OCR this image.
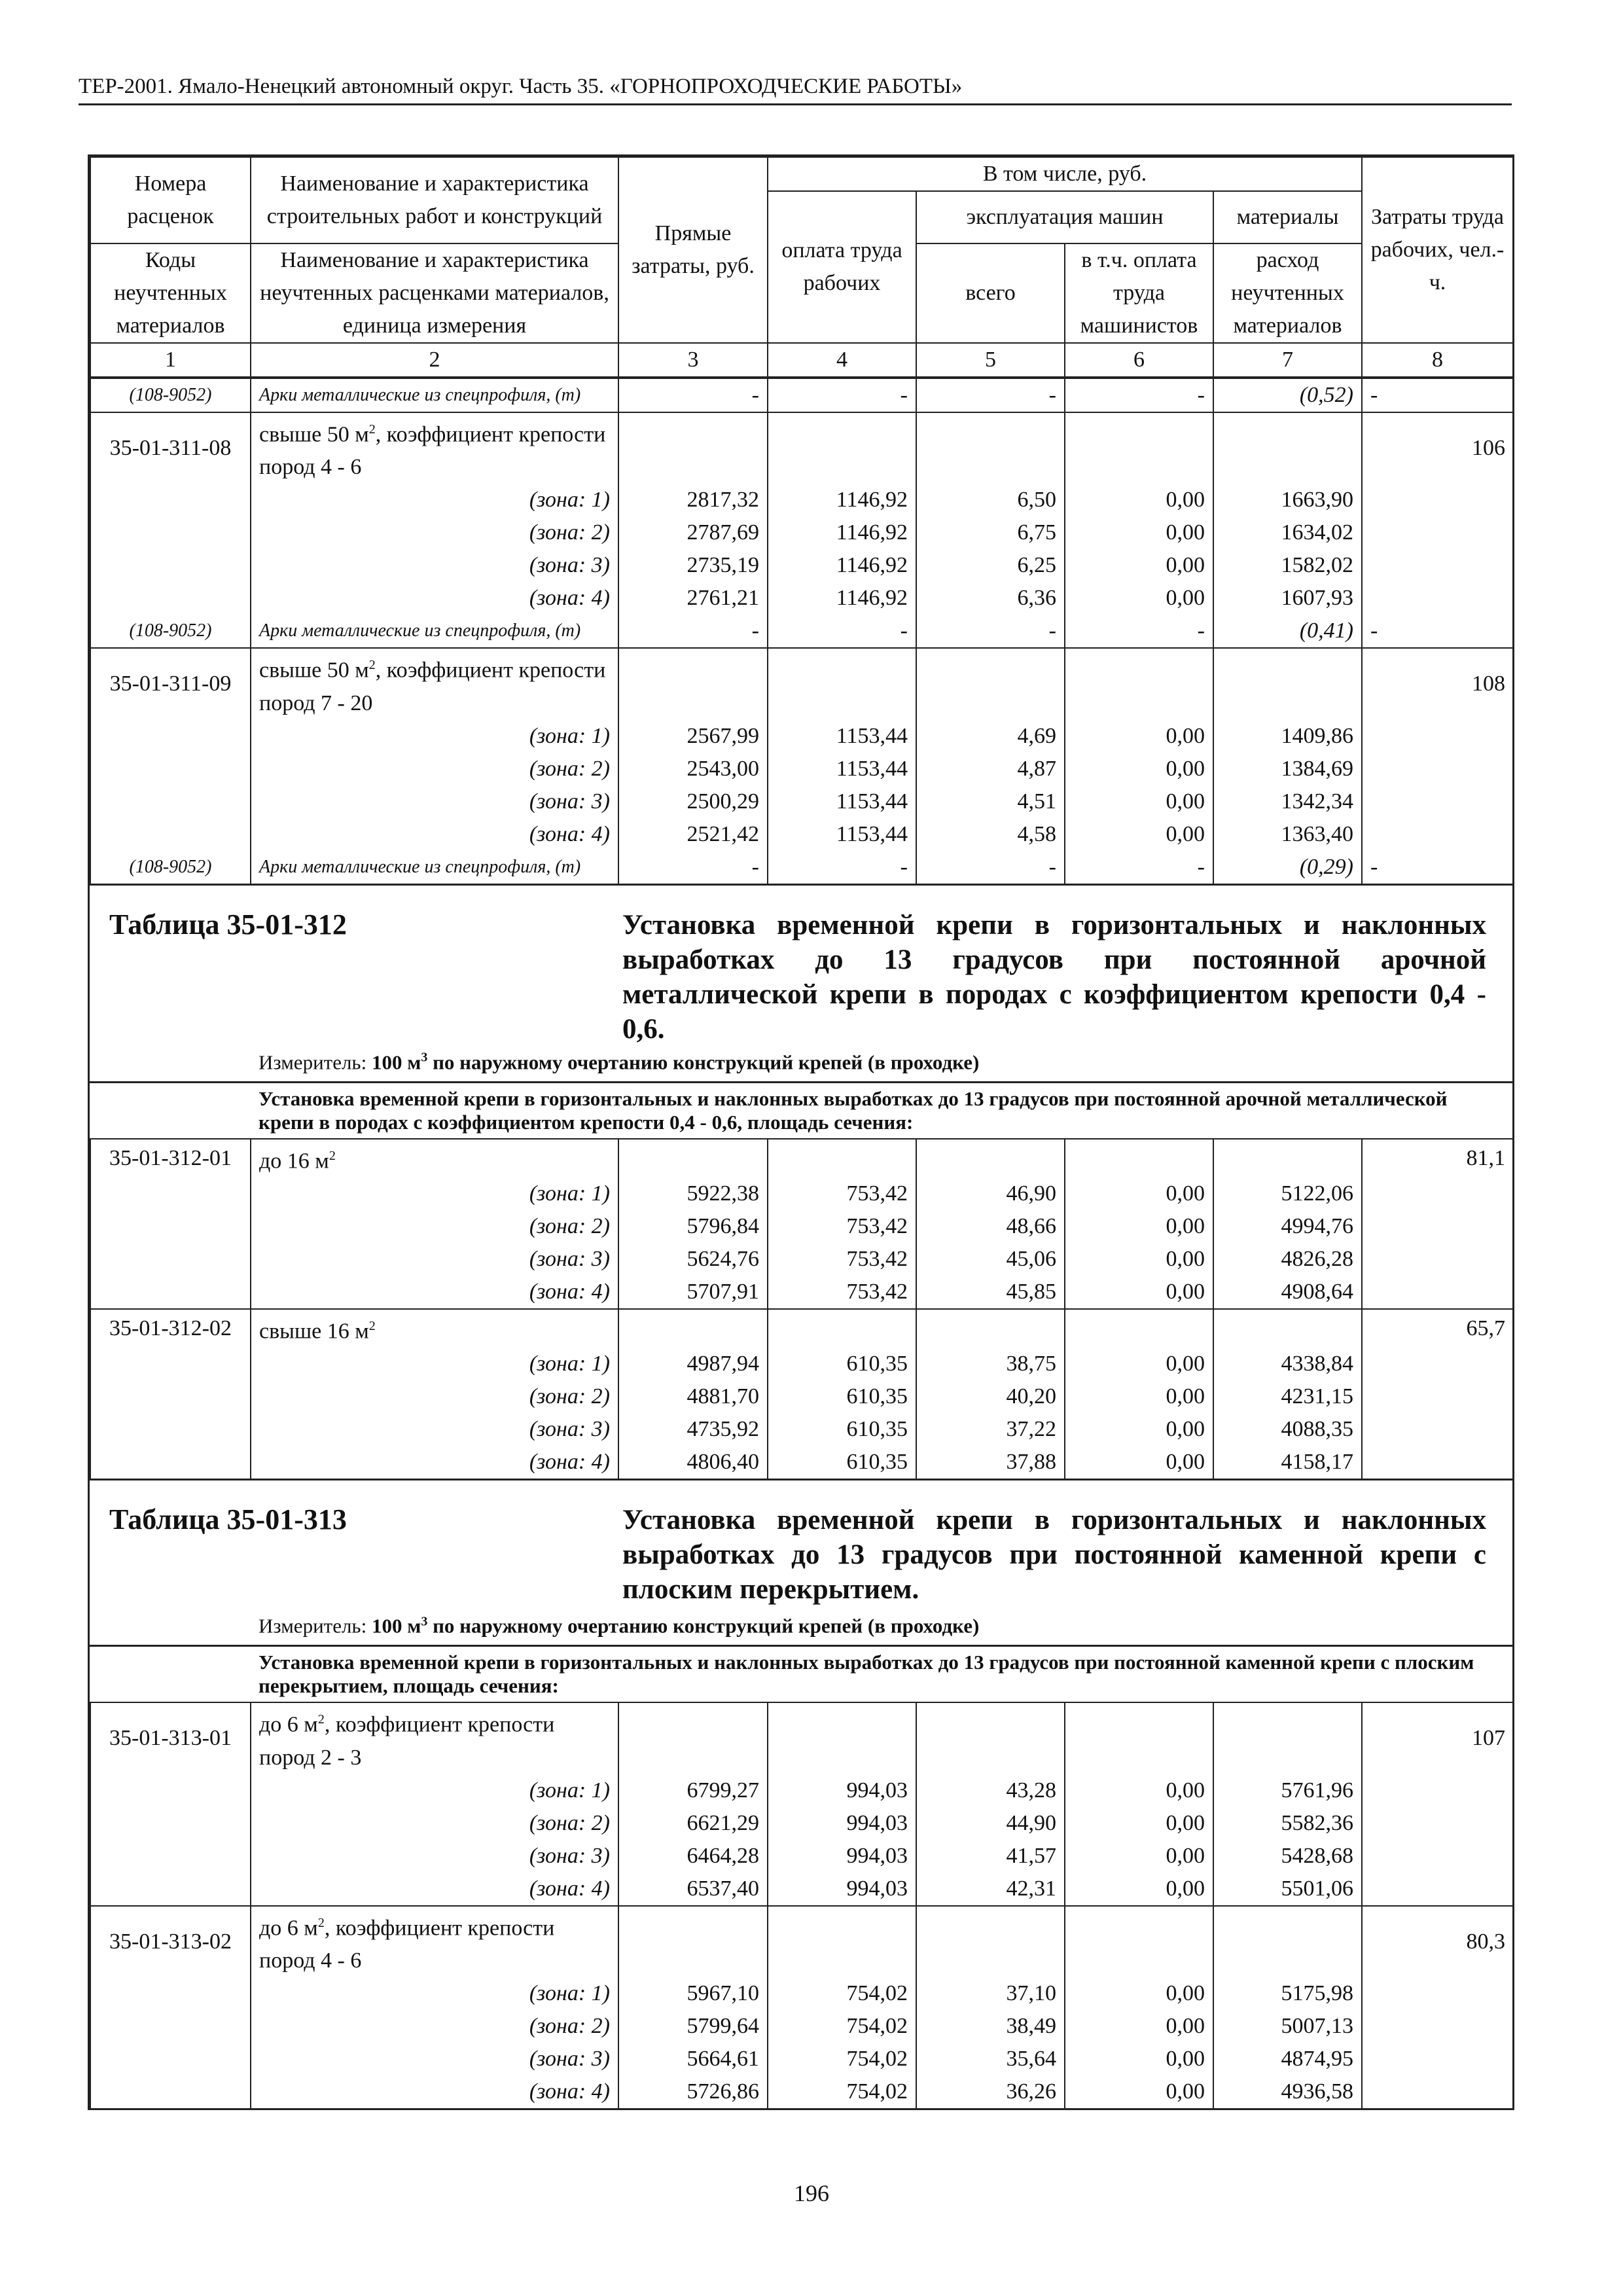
ТЕР-2001. Ямало-Ненецкий автономный округ. Часть 35. «ГОРНОПРОХОДЧЕСКИЕ РАБОТЫ»
Номера расценок	Наименование и характеристика строительных работ и конструкций	Прямые затраты, руб.	В том числе, руб.				Затраты труда рабочих, чел.-ч.
			оплата труда рабочих	эксплуатация машин		материалы	
Коды неучтенных материалов	Наименование и характеристика неучтенных расценками материалов, единица измерения			всего	в т.ч. оплата труда машинистов	расход неучтенных материалов	

1	2	3	4	5	6	7	8
(108-9052)	Арки металлические из спецпрофиля, (т)	-	-	-	-	(0,52)	-
35-01-311-08	свыше 50 $м^2$, коэффициент крепости пород 4 - 6						106
	(зона: 1)	2817,32	1146,92	6,50	0,00	1663,90	
	(зона: 2)	2787,69	1146,92	6,75	0,00	1634,02	
	(зона: 3)	2735,19	1146,92	6,25	0,00	1582,02	
	(зона: 4)	2761,21	1146,92	6,36	0,00	1607,93	
(108-9052)	Арки металлические из спецпрофиля, (т)	-	-	-	-	(0,41)	-
35-01-311-09	свыше 50 $м^2$, коэффициент крепости пород 7 - 20						108
	(зона: 1)	2567,99	1153,44	4,69	0,00	1409,86	
	(зона: 2)	2543,00	1153,44	4,87	0,00	1384,69	
	(зона: 3)	2500,29	1153,44	4,51	0,00	1342,34	
	(зона: 4)	2521,42	1153,44	4,58	0,00	1363,40	
(108-9052)	Арки металлические из спецпрофиля, (т)	-	-	-	-	(0,29)	-
Таблица 35-01-312	Установка временной крепи в горизонтальных и наклонных выработках до 13 градусов при постоянной арочной металлической крепи в породах с коэффициентом крепости 0,4 - 0,6.
Измеритель: 100 $м^3$ по наружному очертанию конструкций крепей (в проходке)
Установка временной крепи в горизонтальных и наклонных выработках до 13 градусов при постоянной арочной металлической крепи в породах с коэффициентом крепости 0,4 - 0,6, площадь сечения:
35-01-312-01	до 16 $м^2$						81,1
	(зона: 1)	5922,38	753,42	46,90	0,00	5122,06	
	(зона: 2)	5796,84	753,42	48,66	0,00	4994,76	
	(зона: 3)	5624,76	753,42	45,06	0,00	4826,28	
	(зона: 4)	5707,91	753,42	45,85	0,00	4908,64	
35-01-312-02	свыше 16 $м^2$						65,7
	(зона: 1)	4987,94	610,35	38,75	0,00	4338,84	
	(зона: 2)	4881,70	610,35	40,20	0,00	4231,15	
	(зона: 3)	4735,92	610,35	37,22	0,00	4088,35	
	(зона: 4)	4806,40	610,35	37,88	0,00	4158,17	
Таблица 35-01-313	Установка временной крепи в горизонтальных и наклонных выработках до 13 градусов при постоянной каменной крепи с плоским перекрытием.
Измеритель: 100 $м^3$ по наружному очертанию конструкций крепей (в проходке)
Установка временной крепи в горизонтальных и наклонных выработках до 13 градусов при постоянной каменной крепи с плоским перекрытием, площадь сечения:
35-01-313-01	до 6 $м^2$, коэффициент крепости пород 2 - 3						107
	(зона: 1)	6799,27	994,03	43,28	0,00	5761,96	
	(зона: 2)	6621,29	994,03	44,90	0,00	5582,36	
	(зона: 3)	6464,28	994,03	41,57	0,00	5428,68	
	(зона: 4)	6537,40	994,03	42,31	0,00	5501,06	
35-01-313-02	до 6 $м^2$, коэффициент крепости пород 4 - 6						80,3
	(зона: 1)	5967,10	754,02	37,10	0,00	5175,98	
	(зона: 2)	5799,64	754,02	38,49	0,00	5007,13	
	(зона: 3)	5664,61	754,02	35,64	0,00	4874,95	
	(зона: 4)	5726,86	754,02	36,26	0,00	4936,58	
196
